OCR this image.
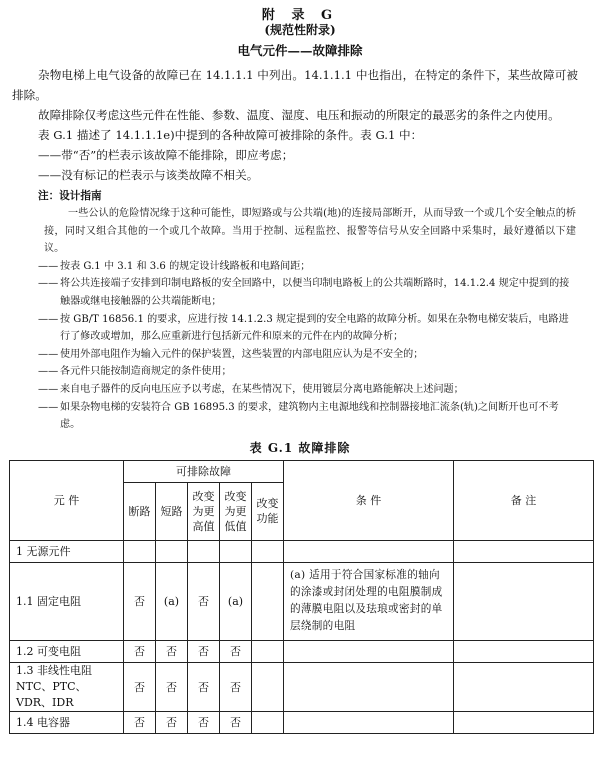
附 录 G
(规范性附录)
电气元件——故障排除

杂物电梯上电气设备的故障已在 14.1.1.1 中列出。14.1.1.1 中也指出，在特定的条件下，某些故障可被排除。

故障排除仅考虑这些元件在性能、参数、温度、湿度、电压和振动的所限定的最恶劣的条件之内使用。

表 G.1 描述了 14.1.1.1e)中提到的各种故障可被排除的条件。表 G.1 中：

——带“否”的栏表示该故障不能排除，即应考虑；
——没有标记的栏表示与该类故障不相关。
注：设计指南

一些公认的危险情况缘于这种可能性，即短路或与公共端(地)的连接局部断开，从而导致一个或几个安全触点的桥接，同时又组合其他的一个或几个故障。当用于控制、远程监控、报警等信号从安全回路中采集时，最好遵循以下建议。

—— 按表 G.1 中 3.1 和 3.6 的规定设计线路板和电路间距；

—— 将公共连接端子安排到印制电路板的安全回路中，以便当印制电路板上的公共端断路时，14.1.2.4 规定中提到的接触器或继电接触器的公共端能断电；

—— 按 GB/T 16856.1 的要求，应进行按 14.1.2.3 规定提到的安全电路的故障分析。如果在杂物电梯安装后，电路进行了修改或增加，那么应重新进行包括新元件和原来的元件在内的故障分析；

—— 使用外部电阻作为输入元件的保护装置，这些装置的内部电阻应认为是不安全的；

—— 各元件只能按制造商规定的条件使用；

—— 来自电子器件的反向电压应予以考虑，在某些情况下，使用镀层分离电路能解决上述问题；

—— 如果杂物电梯的安装符合 GB 16895.3 的要求，建筑物内主电源地线和控制器接地汇流条(轨)之间断开也可不考虑。

表 G.1 故障排除
元 件	可排除故障					条 件	备 注
	断路	短路	改变
为更
高值	改变
为更
低值	改变
功能		
1 无源元件							
1.1 固定电阻	否	(a)	否	(a)		(a) 适用于符合国家标准的轴向的涂漆或封闭处理的电阻膜制成的薄膜电阻以及珐琅或密封的单层绕制的电阻	
1.2 可变电阻	否	否	否	否			
1.3 非线性电阻 NTC、PTC、VDR、IDR	否	否	否	否			
1.4 电容器	否	否	否	否			
